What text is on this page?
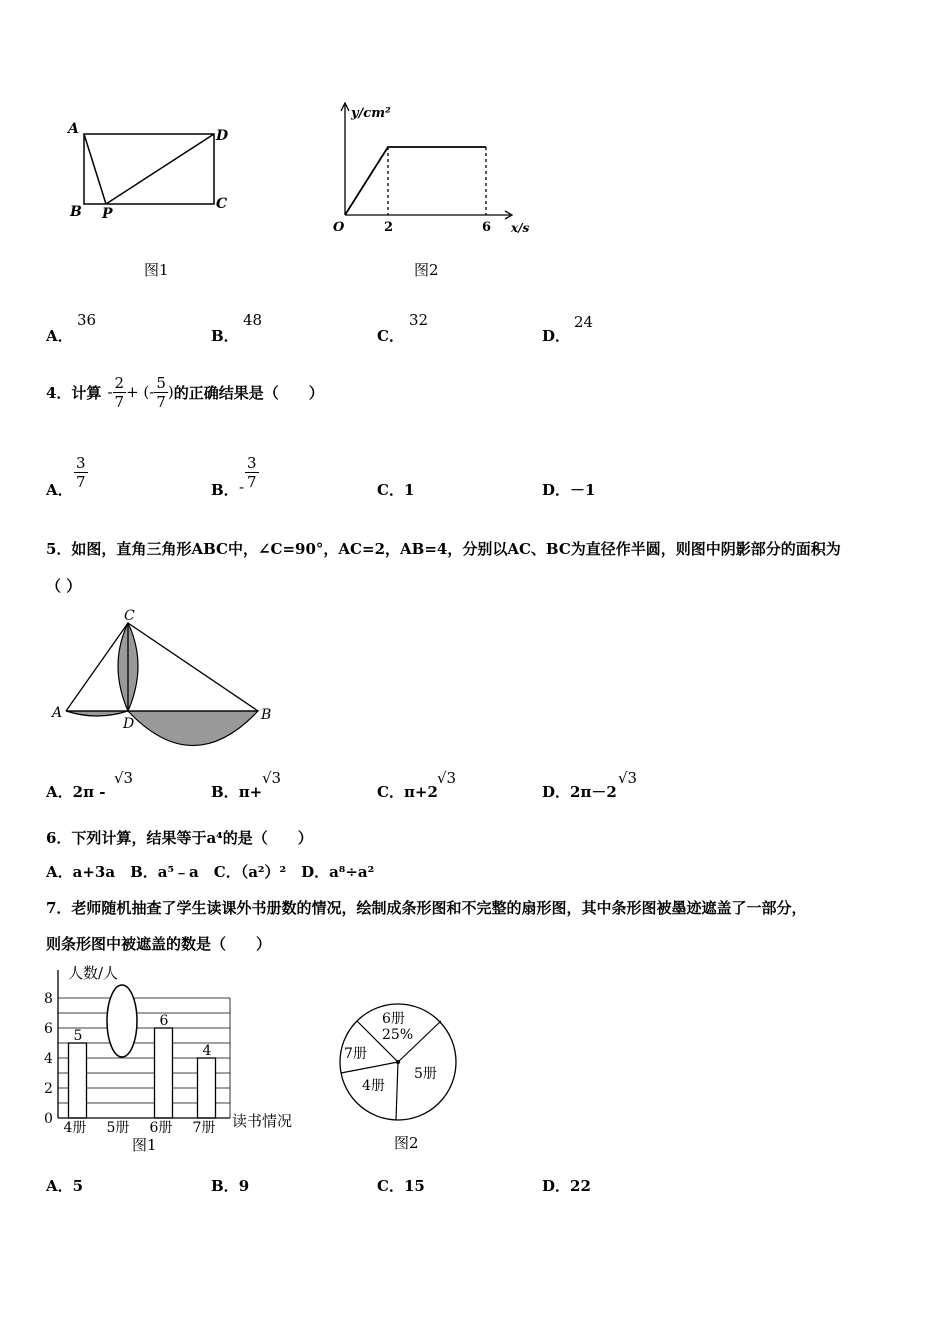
A	D
B P
C
图1
y/cm²
O	2	6 x/s
图2
A．
36
B．
48
C．
32
D．
24
4．计算 - $\frac{2}{7}$ + (- $\frac{5}{7}$ ) 的正确结果是（　　）
A． $\frac{3}{7}$	B． - $\frac{3}{7}$	C．1	D．－1
5．如图，直角三角形ABC中，∠C=90°，AC=2，AB=4，分别以AC、BC为直径作半圆，则图中阴影部分的面积为
（ ）
C
A
D
B
A．2π -
√3
B．π+
√3
C．π+2
√3
D．2π－2
√3
6．下列计算，结果等于a⁴的是（　　）
A．a+3a　B．a⁵﹣a　C．（a²）²　D．a⁸÷a²
7．老师随机抽查了学生读课外书册数的情况，绘制成条形图和不完整的扇形图，其中条形图被墨迹遮盖了一部分，
则条形图中被遮盖的数是（　　）
0
2
4
6
8
5
6
4
4册 5册 6册 7册
人数/人
读书情况
图1
6册
25%
5册
4册
7册
图2
A．5	B．9	C．15	D．22
